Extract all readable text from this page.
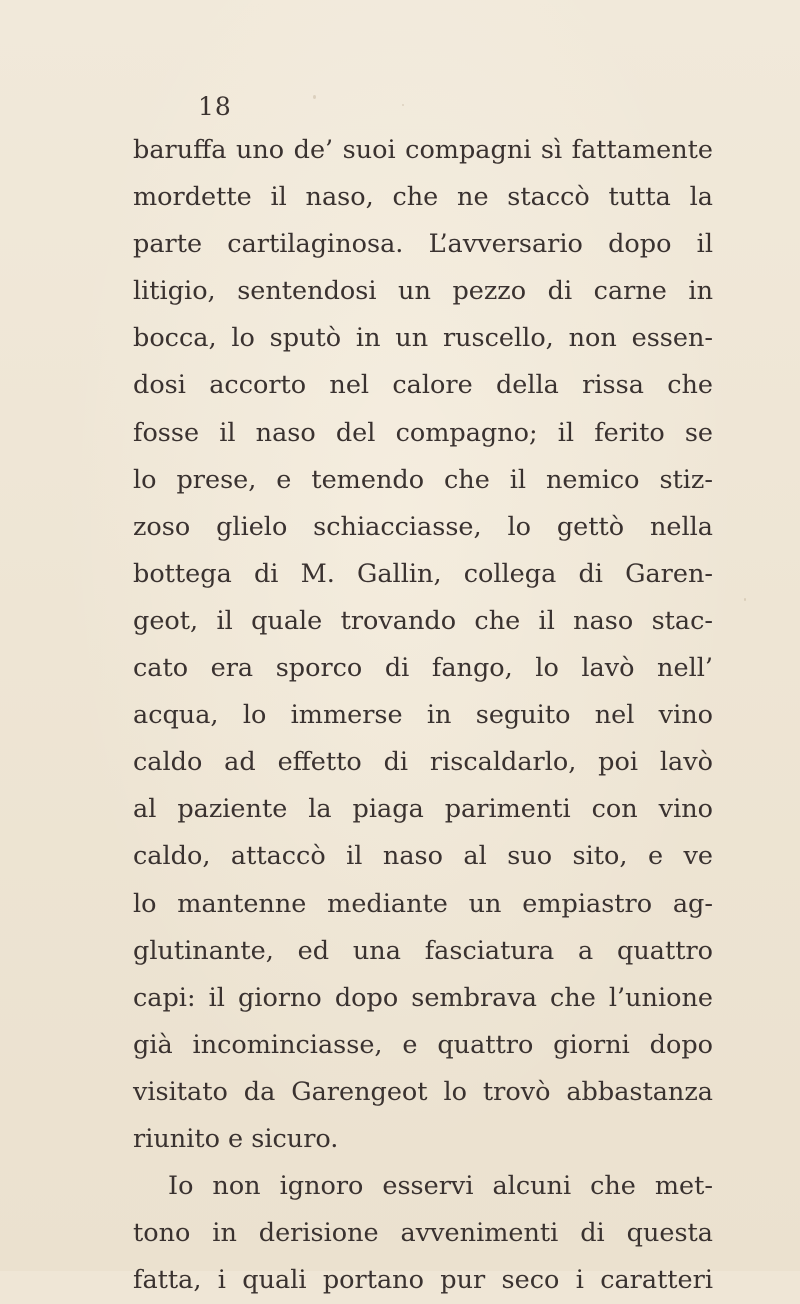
18
baruffa uno de’ suoi compagni sì fattamente
mordette il naso, che ne staccò tutta la
parte cartilaginosa. L’avversario dopo il
litigio, sentendosi un pezzo di carne in
bocca, lo sputò in un ruscello, non essen-
dosi accorto nel calore della rissa che
fosse il naso del compagno; il ferito se
lo prese, e temendo che il nemico stiz-
zoso glielo schiacciasse, lo gettò nella
bottega di M. Gallin, collega di Garen-
geot, il quale trovando che il naso stac-
cato era sporco di fango, lo lavò nell’
acqua, lo immerse in seguito nel vino
caldo ad effetto di riscaldarlo, poi lavò
al paziente la piaga parimenti con vino
caldo, attaccò il naso al suo sito, e ve
lo mantenne mediante un empiastro ag-
glutinante, ed una fasciatura a quattro
capi: il giorno dopo sembrava che l’unione
già incominciasse, e quattro giorni dopo
visitato da Garengeot lo trovò abbastanza
riunito e sicuro.
Io non ignoro esservi alcuni che met-
tono in derisione avvenimenti di questa
fatta, i quali portano pur seco i caratteri
